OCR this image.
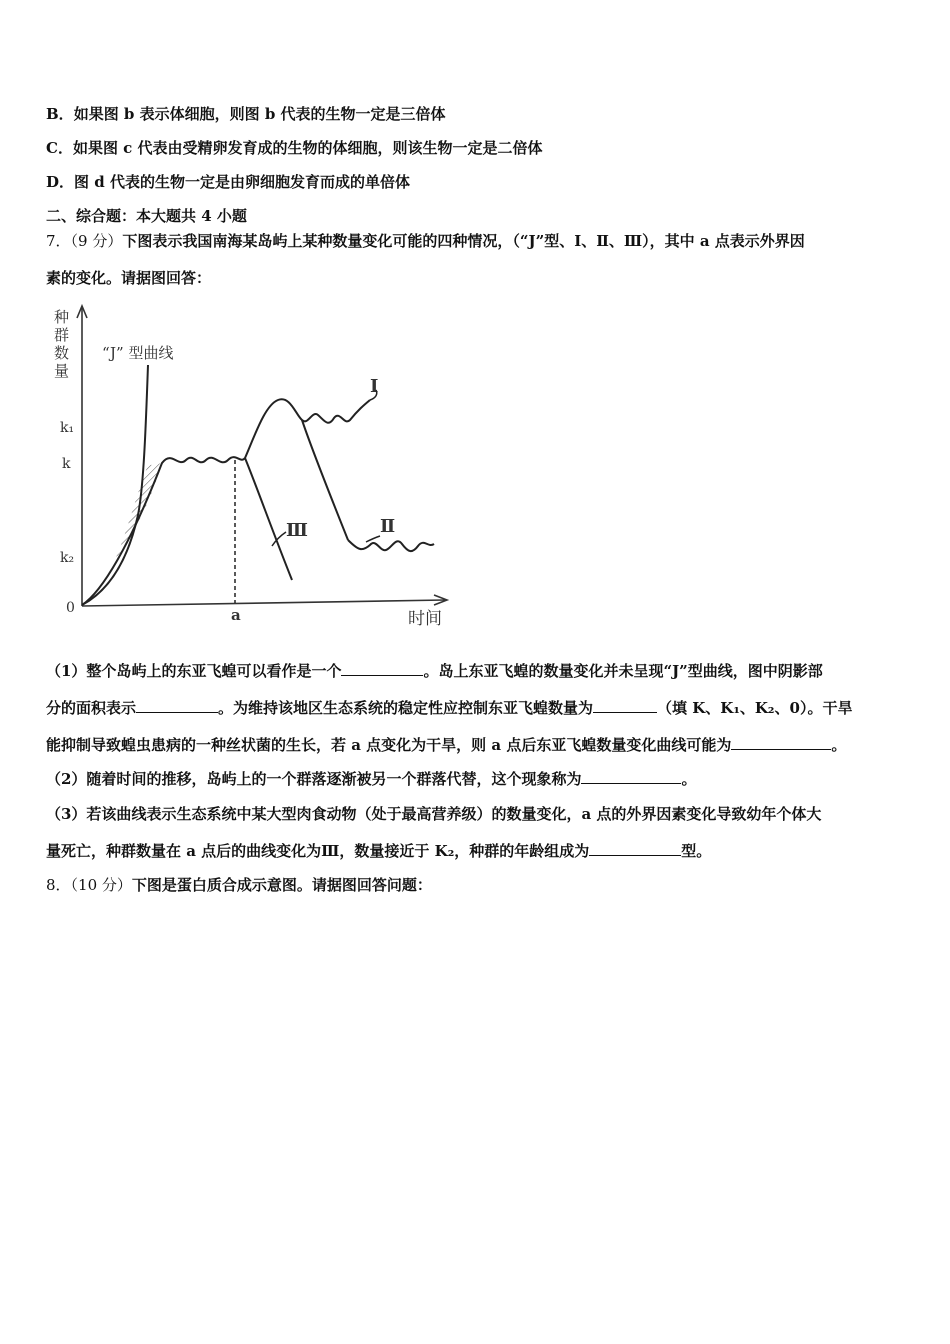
B．如果图 b 表示体细胞，则图 b 代表的生物一定是三倍体
C．如果图 c 代表由受精卵发育成的生物的体细胞，则该生物一定是二倍体
D．图 d 代表的生物一定是由卵细胞发育而成的单倍体
二、综合题：本大题共 4 小题
7．（9 分）下图表示我国南海某岛屿上某种数量变化可能的四种情况，（“J”型、Ⅰ、Ⅱ、Ⅲ），其中 a 点表示外界因
素的变化。请据图回答：
种
群
数
量
0
k₁
k
k₂
a	时间
“J” 型曲线
Ⅰ
Ⅱ
Ⅲ
（1）整个岛屿上的东亚飞蝗可以看作是一个	。岛上东亚飞蝗的数量变化并未呈现“J”型曲线，图中阴影部
分的面积表示	。为维持该地区生态系统的稳定性应控制东亚飞蝗数量为	（填 K、K₁、K₂、0）。干旱
能抑制导致蝗虫患病的一种丝状菌的生长，若 a 点变化为干旱，则 a 点后东亚飞蝗数量变化曲线可能为	。
（2）随着时间的推移，岛屿上的一个群落逐渐被另一个群落代替，这个现象称为	。
（3）若该曲线表示生态系统中某大型肉食动物（处于最高营养级）的数量变化，a 点的外界因素变化导致幼年个体大
量死亡，种群数量在 a 点后的曲线变化为Ⅲ，数量接近于 K₂，种群的年龄组成为	型。
8．（10 分）下图是蛋白质合成示意图。请据图回答问题：
